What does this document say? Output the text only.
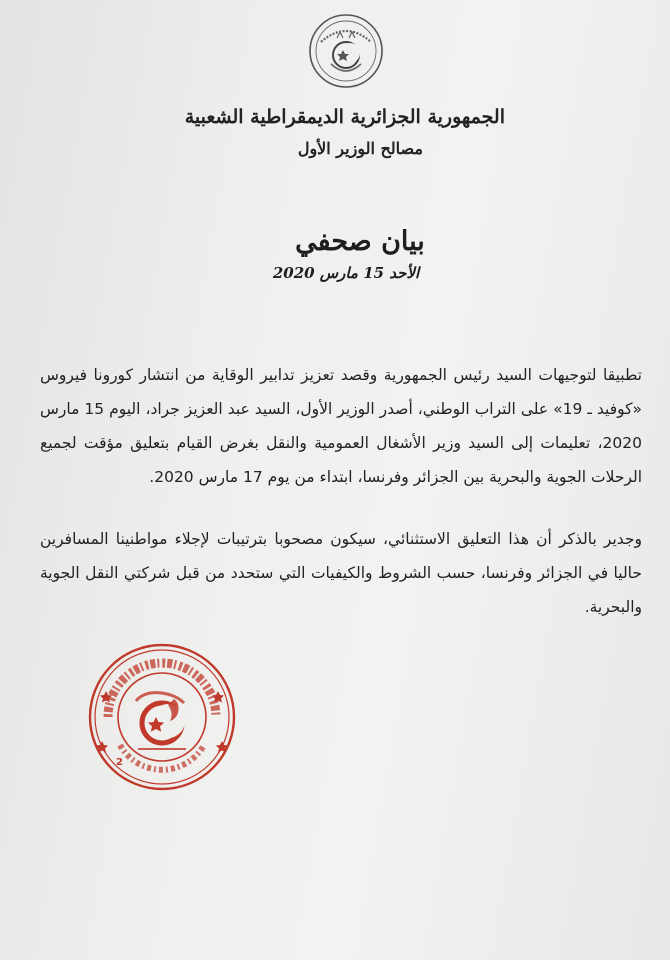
الجمهورية الجزائرية الديمقراطية الشعبية
مصالح الوزير الأول
بيان صحفي
الأحد 15 مارس 2020

تطبيقا لتوجيهات السيد رئيس الجمهورية وقصد تعزيز تدابير الوقاية من انتشار كورونا فيروس «كوفيد ـ 19» على التراب الوطني، أصدر الوزير الأول، السيد عبد العزيز جراد، اليوم 15 مارس 2020، تعليمات إلى السيد وزير الأشغال العمومية والنقل بغرض القيام بتعليق مؤقت لجميع الرحلات الجوية والبحرية بين الجزائر وفرنسا، ابتداء من يوم 17 مارس 2020.

وجدير بالذكر أن هذا التعليق الاستثنائي، سيكون مصحوبا بترتيبات لإجلاء مواطنينا المسافرين حاليا في الجزائر وفرنسا، حسب الشروط والكيفيات التي ستحدد من قبل شركتي النقل الجوية والبحرية.

2
